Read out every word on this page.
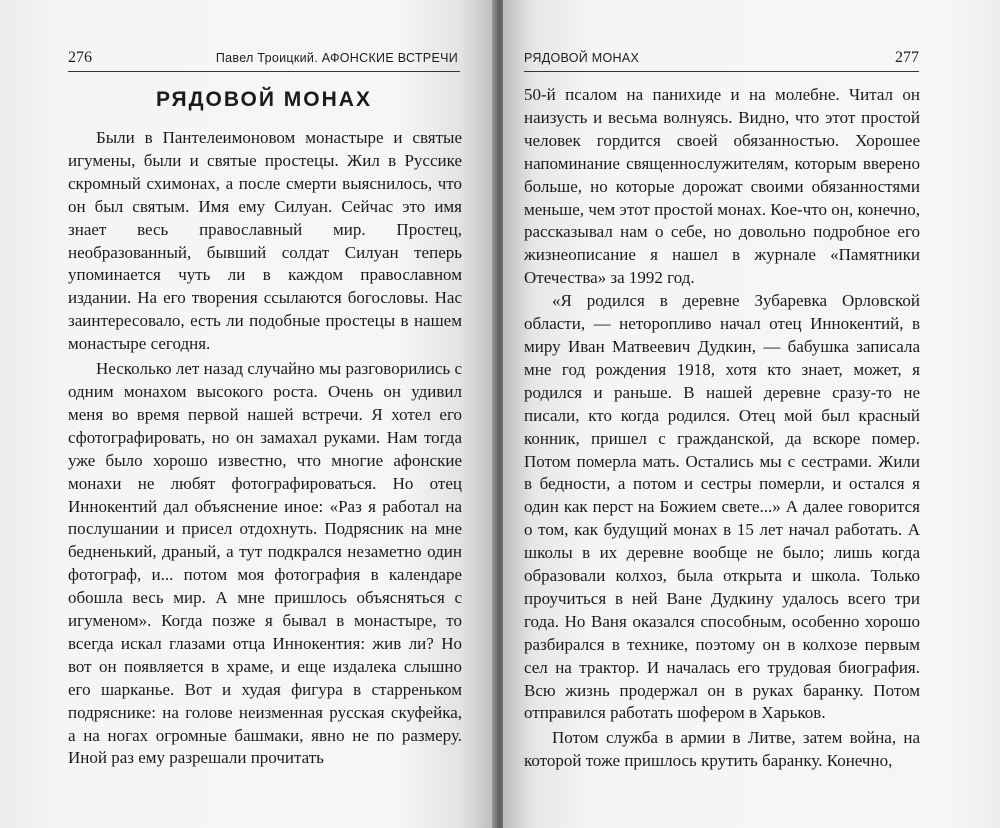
276	Павел Троицкий. АФОНСКИЕ ВСТРЕЧИ
РЯДОВОЙ МОНАХ

Были в Пантелеимоновом монастыре и святые игумены, были и святые простецы. Жил в Руссике скромный схимонах, а после смерти выяснилось, что он был святым. Имя ему Силуан. Сейчас это имя знает весь православный мир. Простец, необразованный, бывший солдат Силуан теперь упоминается чуть ли в каждом православном издании. На его творения ссылаются богословы. Нас заинтересовало, есть ли подобные простецы в нашем монастыре сегодня.

Несколько лет назад случайно мы разговорились с одним монахом высокого роста. Очень он удивил меня во время первой нашей встречи. Я хотел его сфотографировать, но он замахал руками. Нам тогда уже было хорошо известно, что многие афонские монахи не любят фотографироваться. Но отец Иннокентий дал объяснение иное: «Раз я работал на послушании и присел отдохнуть. Подрясник на мне бедненький, драный, а тут подкрался незаметно один фотограф, и... потом моя фотография в календаре обошла весь мир. А мне пришлось объясняться с игуменом». Когда позже я бывал в монастыре, то всегда искал глазами отца Иннокентия: жив ли? Но вот он появляется в храме, и еще издалека слышно его шарканье. Вот и худая фигура в старреньком подряснике: на голове неизменная русская скуфейка, а на ногах огромные башмаки, явно не по размеру. Иной раз ему разрешали прочитать

РЯДОВОЙ МОНАХ	277

50-й псалом на панихиде и на молебне. Читал он наизусть и весьма волнуясь. Видно, что этот простой человек гордится своей обязанностью. Хорошее напоминание священнослужителям, которым вверено больше, но которые дорожат своими обязанностями меньше, чем этот простой монах. Кое-что он, конечно, рассказывал нам о себе, но довольно подробное его жизнеописание я нашел в журнале «Памятники Отечества» за 1992 год.

«Я родился в деревне Зубаревка Орловской области, — неторопливо начал отец Иннокентий, в миру Иван Матвеевич Дудкин, — бабушка записала мне год рождения 1918, хотя кто знает, может, я родился и раньше. В нашей деревне сразу-то не писали, кто когда родился. Отец мой был красный конник, пришел с гражданской, да вскоре помер. Потом померла мать. Остались мы с сестрами. Жили в бедности, а потом и сестры померли, и остался я один как перст на Божием свете...» А далее говорится о том, как будущий монах в 15 лет начал работать. А школы в их деревне вообще не было; лишь когда образовали колхоз, была открыта и школа. Только проучиться в ней Ване Дудкину удалось всего три года. Но Ваня оказался способным, особенно хорошо разбирался в технике, поэтому он в колхозе первым сел на трактор. И началась его трудовая биография. Всю жизнь продержал он в руках баранку. Потом отправился работать шофером в Харьков.

Потом служба в армии в Литве, затем война, на которой тоже пришлось крутить баранку. Конечно,
